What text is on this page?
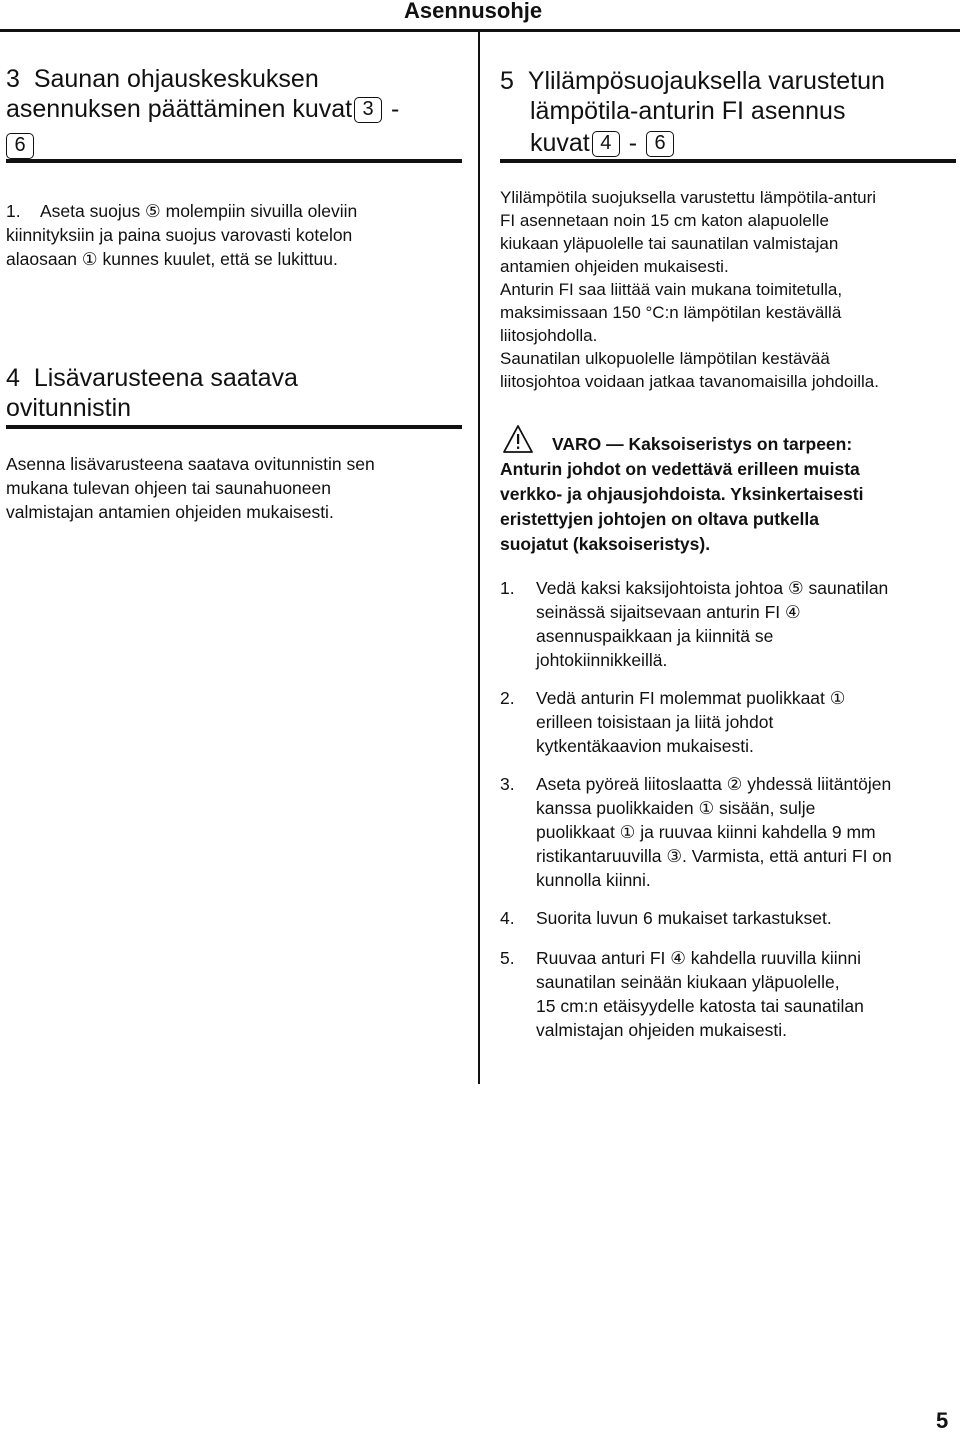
Asennusohje
3 Saunan ohjauskeskuksen
asennuksen päättäminen kuvat 3 -
6
1. Aseta suojus ⑤ molempiin sivuilla oleviin
kiinnityksiin ja paina suojus varovasti kotelon
alaosaan ① kunnes kuulet, että se lukittuu.
4 Lisävarusteena saatava
ovitunnistin
Asenna lisävarusteena saatava ovitunnistin sen
mukana tulevan ohjeen tai saunahuoneen
valmistajan antamien ohjeiden mukaisesti.
5 Ylilämpösuojauksella varustetun
lämpötila-anturin FI asennus
kuvat 4 - 6
Ylilämpötila suojuksella varustettu lämpötila-anturi
FI asennetaan noin 15 cm katon alapuolelle
kiukaan yläpuolelle tai saunatilan valmistajan
antamien ohjeiden mukaisesti.
Anturin FI saa liittää vain mukana toimitetulla,
maksimissaan 150 °C:n lämpötilan kestävällä
liitosjohdolla.
Saunatilan ulkopuolelle lämpötilan kestävää
liitosjohtoa voidaan jatkaa tavanomaisilla johdoilla.
VARO — Kaksoiseristys on tarpeen:
Anturin johdot on vedettävä erilleen muista
verkko- ja ohjausjohdoista. Yksinkertaisesti
eristettyjen johtojen on oltava putkella
suojatut (kaksoiseristys).
1. Vedä kaksi kaksijohtoista johtoa ⑤ saunatilan
seinässä sijaitsevaan anturin FI ④
asennuspaikkaan ja kiinnitä se
johtokiinnikkeillä.
2. Vedä anturin FI molemmat puolikkaat ①
erilleen toisistaan ja liitä johdot
kytkentäkaavion mukaisesti.
3. Aseta pyöreä liitoslaatta ② yhdessä liitäntöjen
kanssa puolikkaiden ① sisään, sulje
puolikkaat ① ja ruuvaa kiinni kahdella 9 mm
ristikantaruuvilla ③. Varmista, että anturi FI on
kunnolla kiinni.
4. Suorita luvun 6 mukaiset tarkastukset.
5. Ruuvaa anturi FI ④ kahdella ruuvilla kiinni
saunatilan seinään kiukaan yläpuolelle,
15 cm:n etäisyydelle katosta tai saunatilan
valmistajan ohjeiden mukaisesti.
5
